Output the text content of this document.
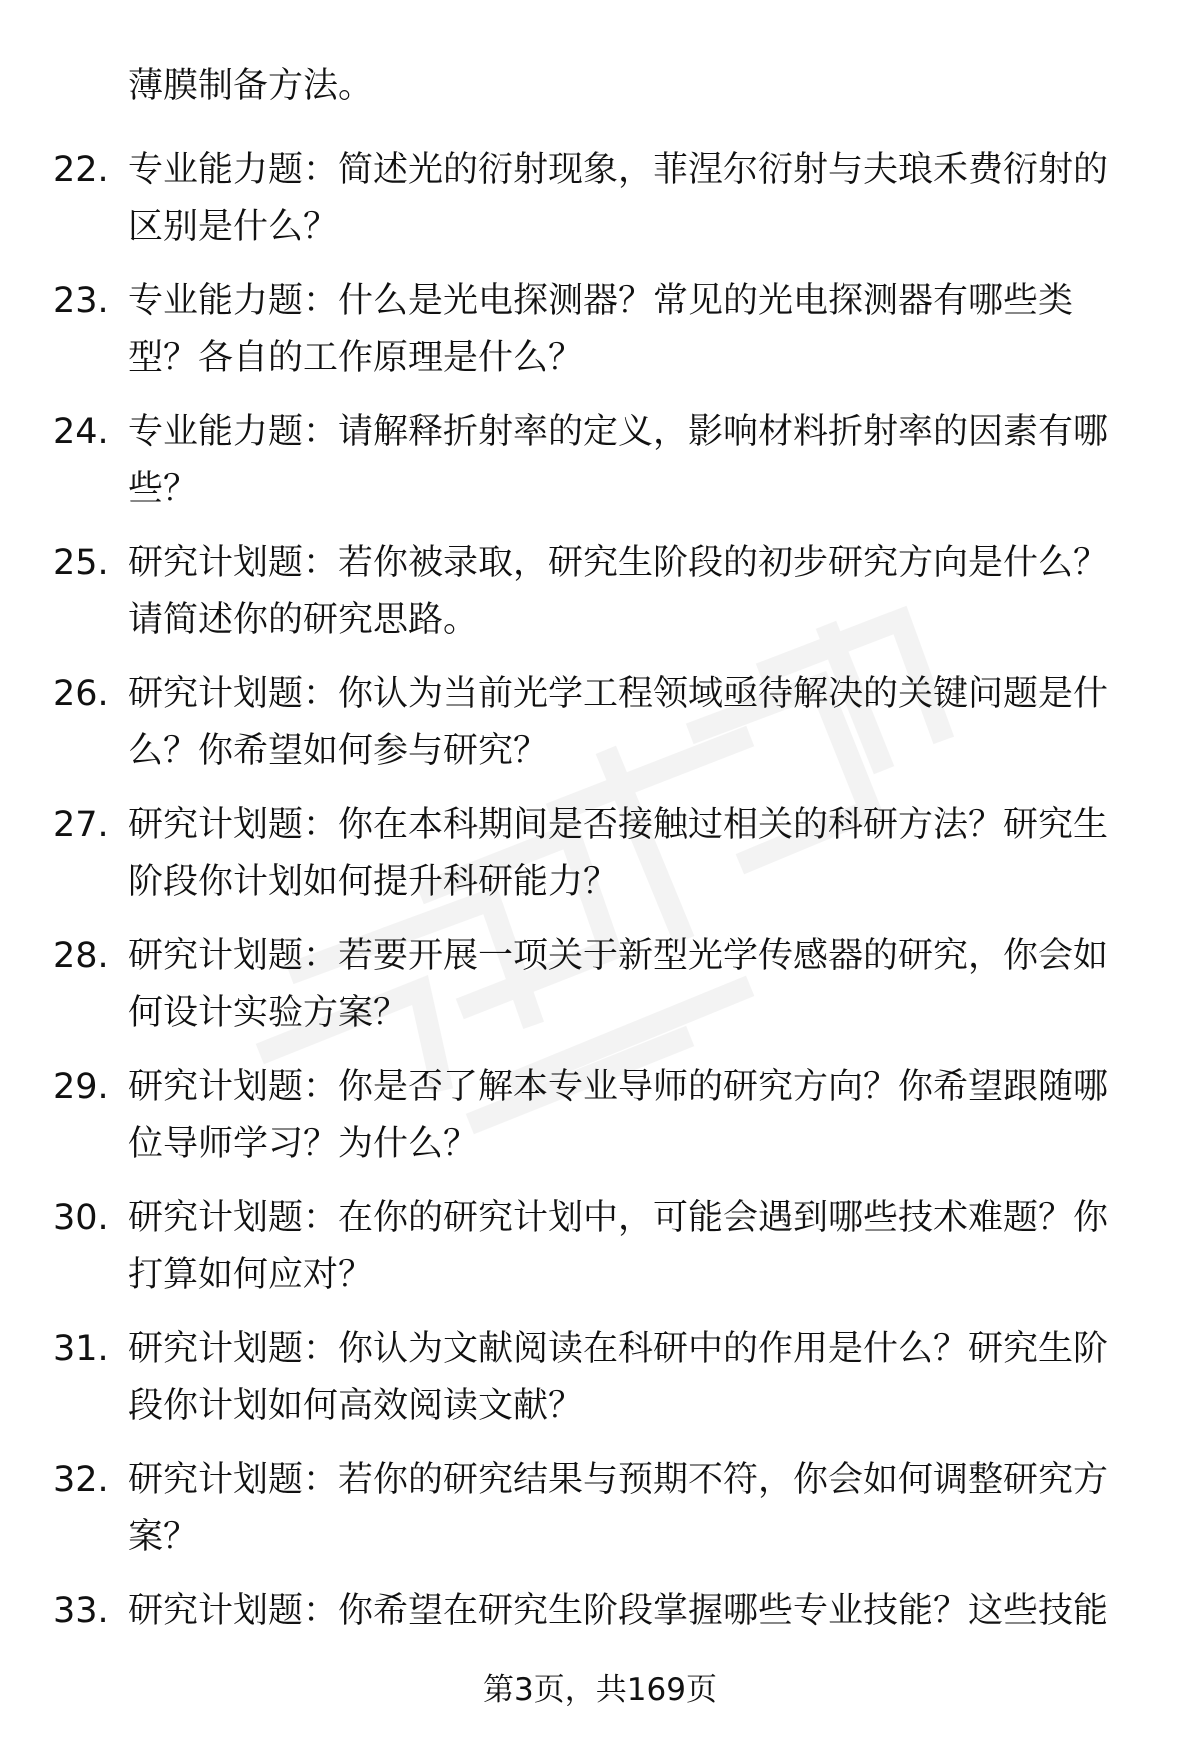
薄膜制备方法。
22. 专业能力题：简述光的衍射现象，菲涅尔衍射与夫琅禾费衍射的
区别是什么？
23. 专业能力题：什么是光电探测器？常见的光电探测器有哪些类
型？各自的工作原理是什么？
24. 专业能力题：请解释折射率的定义，影响材料折射率的因素有哪
些？
25. 研究计划题：若你被录取，研究生阶段的初步研究方向是什么？
请简述你的研究思路。
26. 研究计划题：你认为当前光学工程领域亟待解决的关键问题是什
么？你希望如何参与研究？
27. 研究计划题：你在本科期间是否接触过相关的科研方法？研究生
阶段你计划如何提升科研能力？
28. 研究计划题：若要开展一项关于新型光学传感器的研究，你会如
何设计实验方案？
29. 研究计划题：你是否了解本专业导师的研究方向？你希望跟随哪
位导师学习？为什么？
30. 研究计划题：在你的研究计划中，可能会遇到哪些技术难题？你
打算如何应对？
31. 研究计划题：你认为文献阅读在科研中的作用是什么？研究生阶
段你计划如何高效阅读文献？
32. 研究计划题：若你的研究结果与预期不符，你会如何调整研究方
案？
33. 研究计划题：你希望在研究生阶段掌握哪些专业技能？这些技能
第3页，共169页
